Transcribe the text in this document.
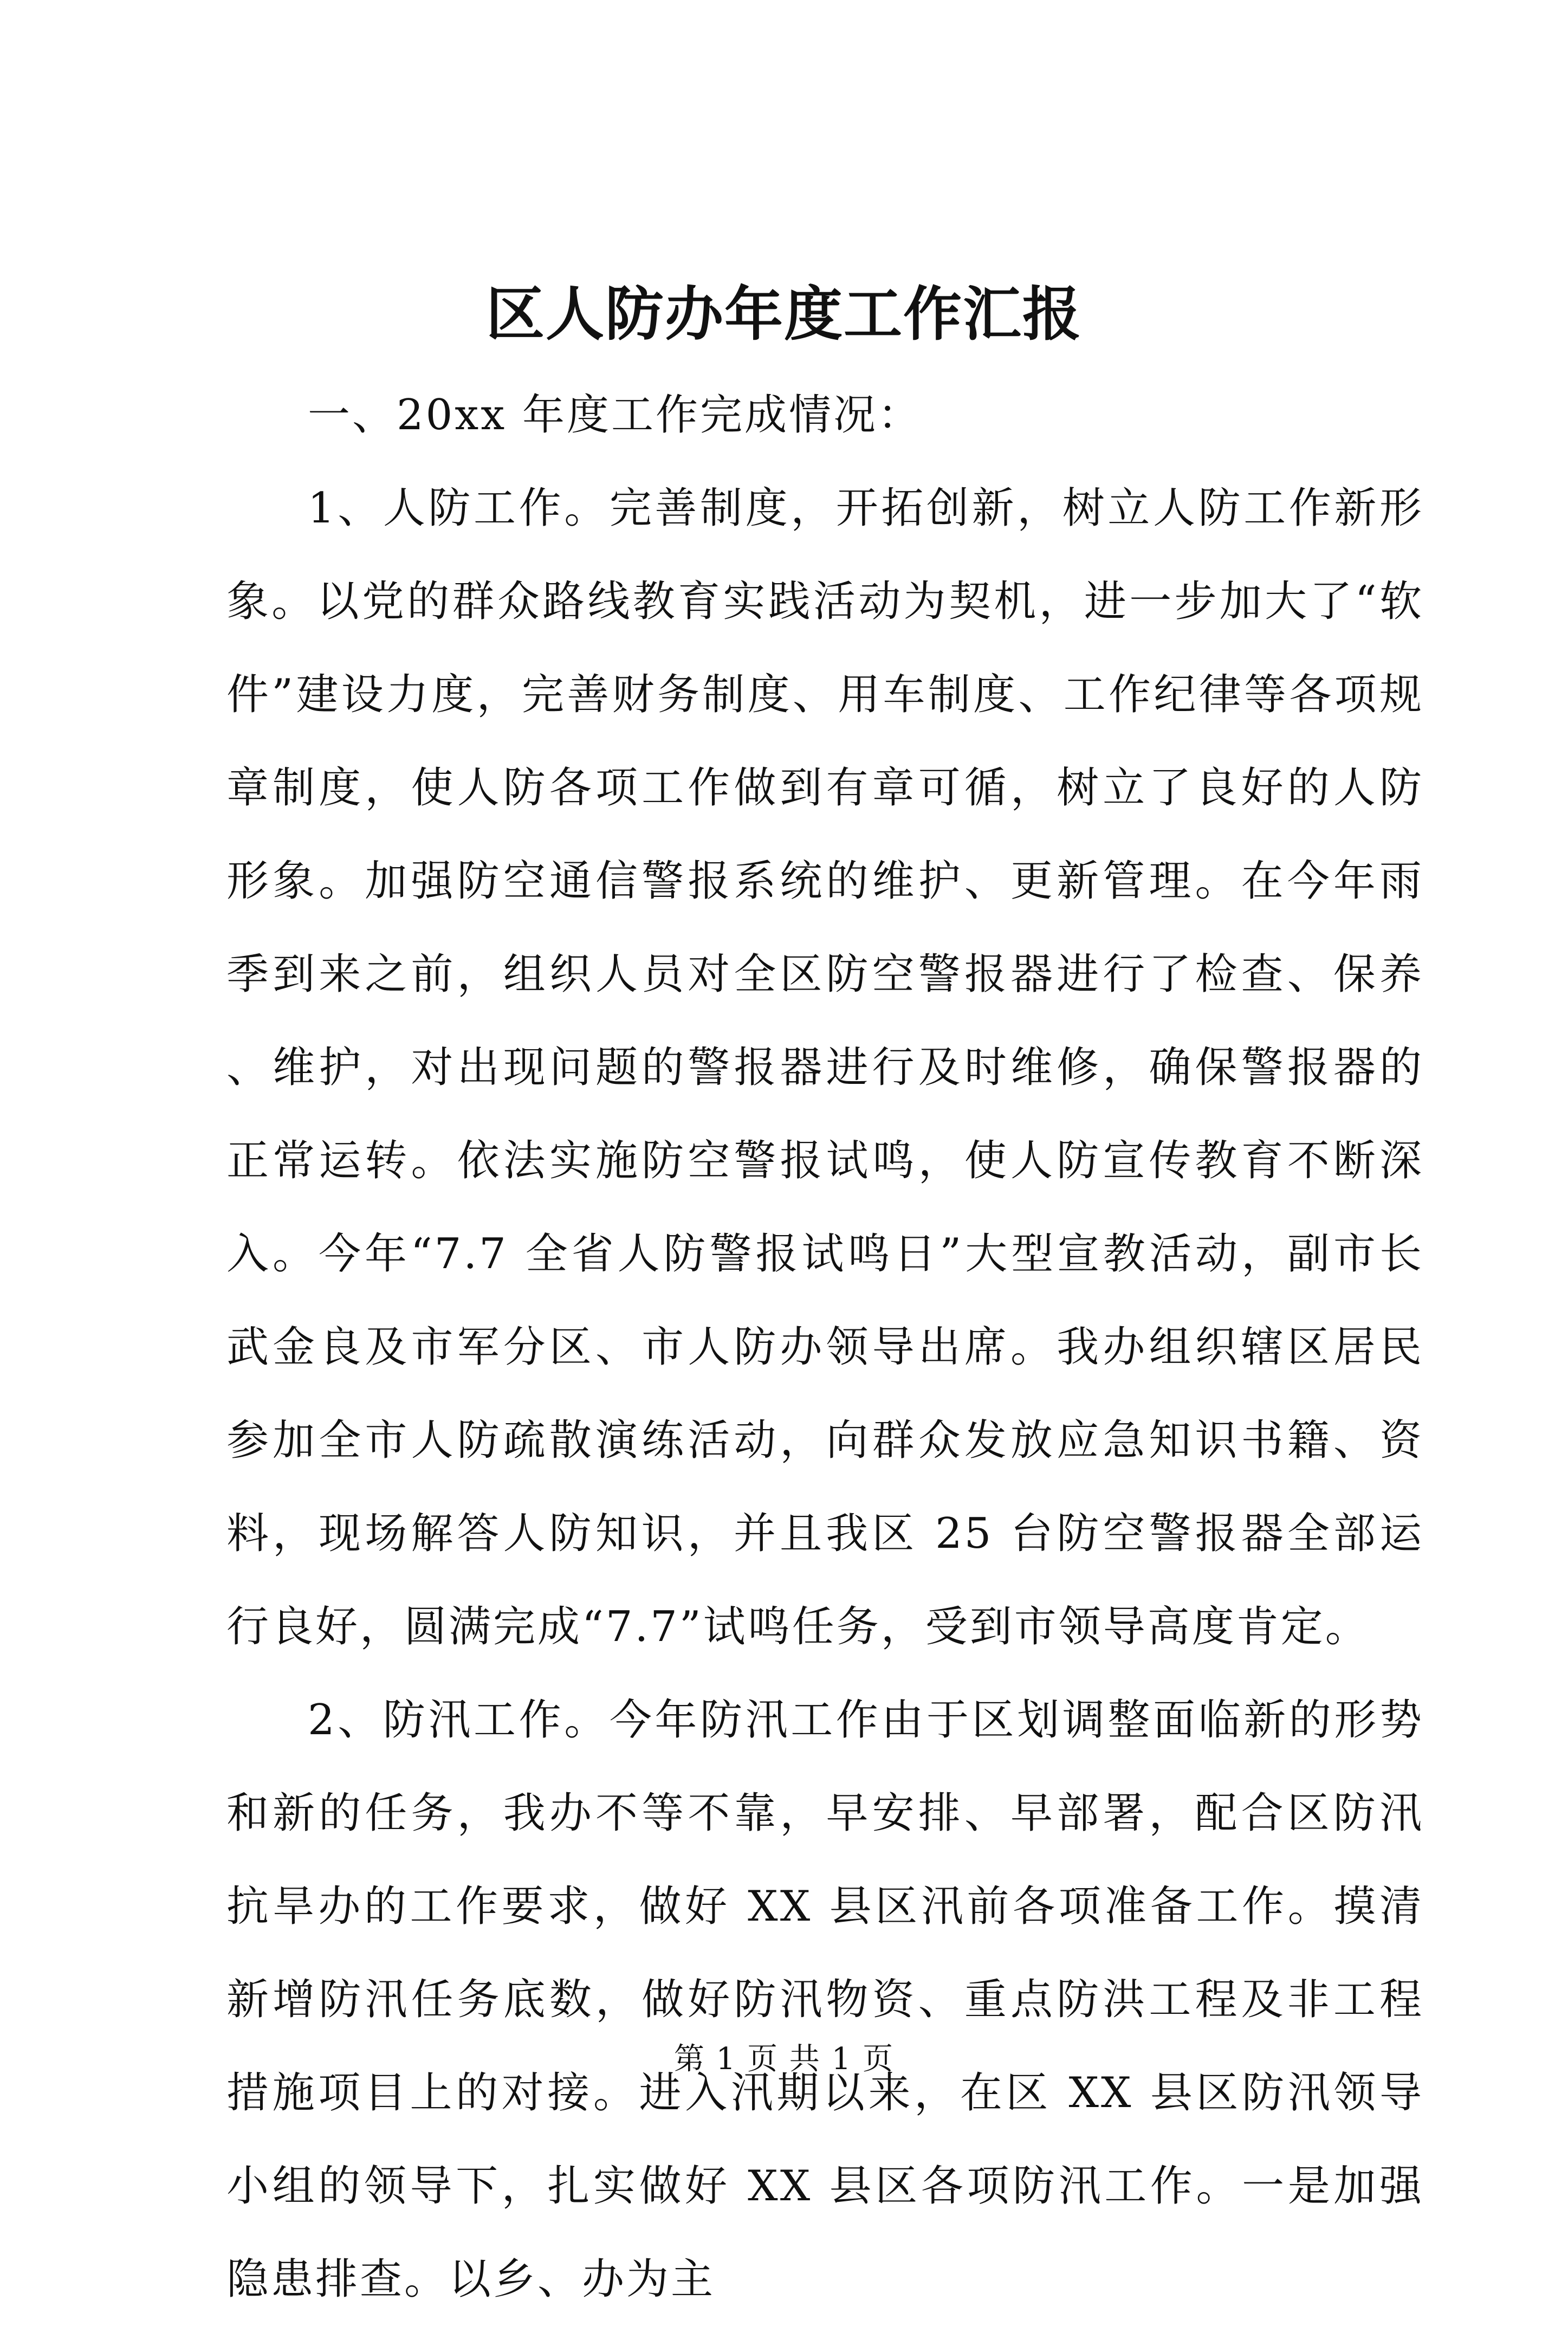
区人防办年度工作汇报

一、20xx 年度工作完成情况：

1、人防工作。完善制度，开拓创新，树立人防工作新形象。以党的群众路线教育实践活动为契机，进一步加大了“软件”建设力度，完善财务制度、用车制度、工作纪律等各项规章制度，使人防各项工作做到有章可循，树立了良好的人防形象。加强防空通信警报系统的维护、更新管理。在今年雨季到来之前，组织人员对全区防空警报器进行了检查、保养、维护，对出现问题的警报器进行及时维修，确保警报器的正常运转。依法实施防空警报试鸣，使人防宣传教育不断深入。今年“7.7 全省人防警报试鸣日”大型宣教活动，副市长武金良及市军分区、市人防办领导出席。我办组织辖区居民参加全市人防疏散演练活动，向群众发放应急知识书籍、资料，现场解答人防知识，并且我区 25 台防空警报器全部运行良好，圆满完成“7.7”试鸣任务，受到市领导高度肯定。

2、防汛工作。今年防汛工作由于区划调整面临新的形势和新的任务，我办不等不靠，早安排、早部署，配合区防汛抗旱办的工作要求，做好 XX 县区汛前各项准备工作。摸清新增防汛任务底数，做好防汛物资、重点防洪工程及非工程措施项目上的对接。进入汛期以来，在区 XX 县区防汛领导小组的领导下，扎实做好 XX 县区各项防汛工作。一是加强隐患排查。以乡、办为主

第 1 页 共 1 页
